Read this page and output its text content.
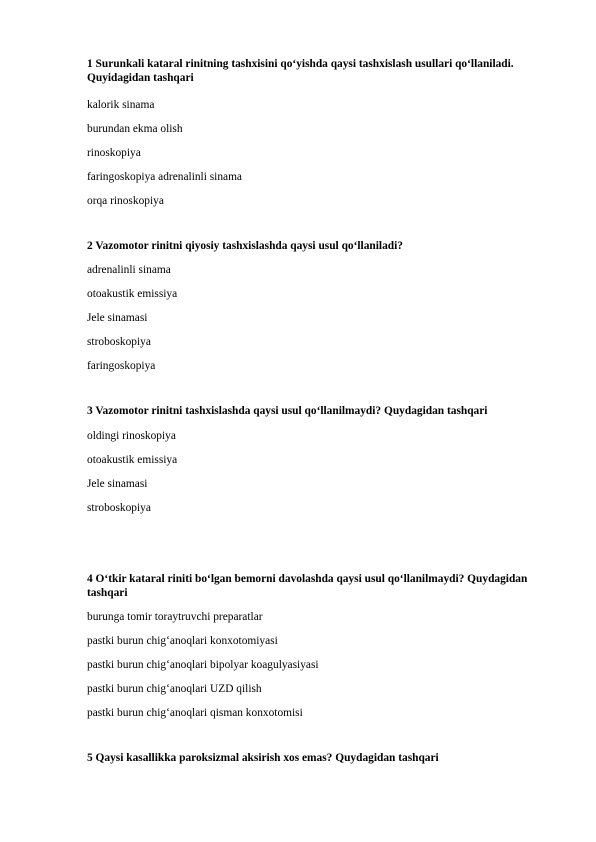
1 Surunkali kataral rinitning tashxisini qo‘yishda qaysi tashxislash usullari qo‘llaniladi. Quyidagidan tashqari
kalorik sinama
burundan ekma olish
rinoskopiya
faringoskopiya adrenalinli sinama
orqa rinoskopiya
2 Vazomotor rinitni qiyosiy tashxislashda qaysi usul qo‘llaniladi?
adrenalinli sinama
otoakustik emissiya
Jele sinamasi
stroboskopiya
faringoskopiya
3 Vazomotor rinitni tashxislashda qaysi usul qo‘llanilmaydi? Quydagidan tashqari
oldingi rinoskopiya
otoakustik emissiya
Jele sinamasi
stroboskopiya
4 O‘tkir kataral riniti bo‘lgan bemorni davolashda qaysi usul qo‘llanilmaydi? Quydagidan tashqari
burunga tomir toraytruvchi preparatlar
pastki burun chig‘anoqlari konxotomiyasi
pastki burun chig‘anoqlari bipolyar koagulyasiyasi
pastki burun chig‘anoqlari UZD qilish
pastki burun chig‘anoqlari qisman konxotomisi
5 Qaysi kasallikka paroksizmal aksirish xos emas? Quydagidan tashqari
